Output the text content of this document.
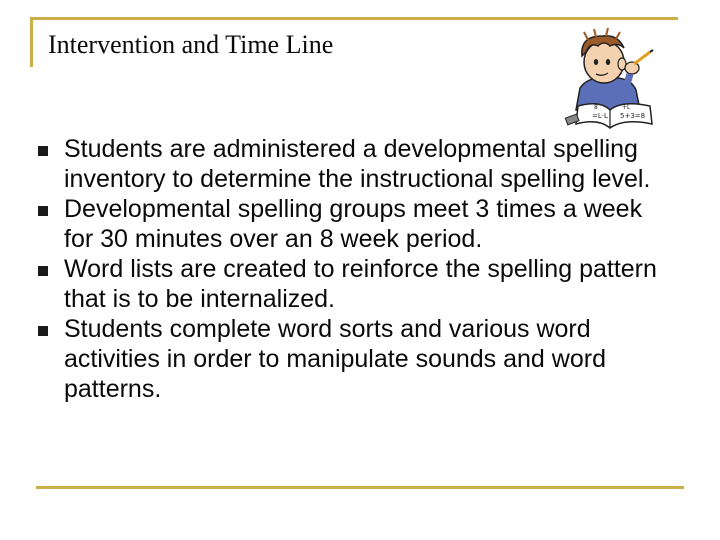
Intervention and Time Line
=L·L 5+3=8
8	+L
Students are administered a developmental spelling inventory to determine the instructional spelling level.
Developmental spelling groups meet 3 times a week for 30 minutes over an 8 week period.
Word lists are created to reinforce the spelling pattern that is to be internalized.
Students complete word sorts and various word activities in order to manipulate sounds and word patterns.
